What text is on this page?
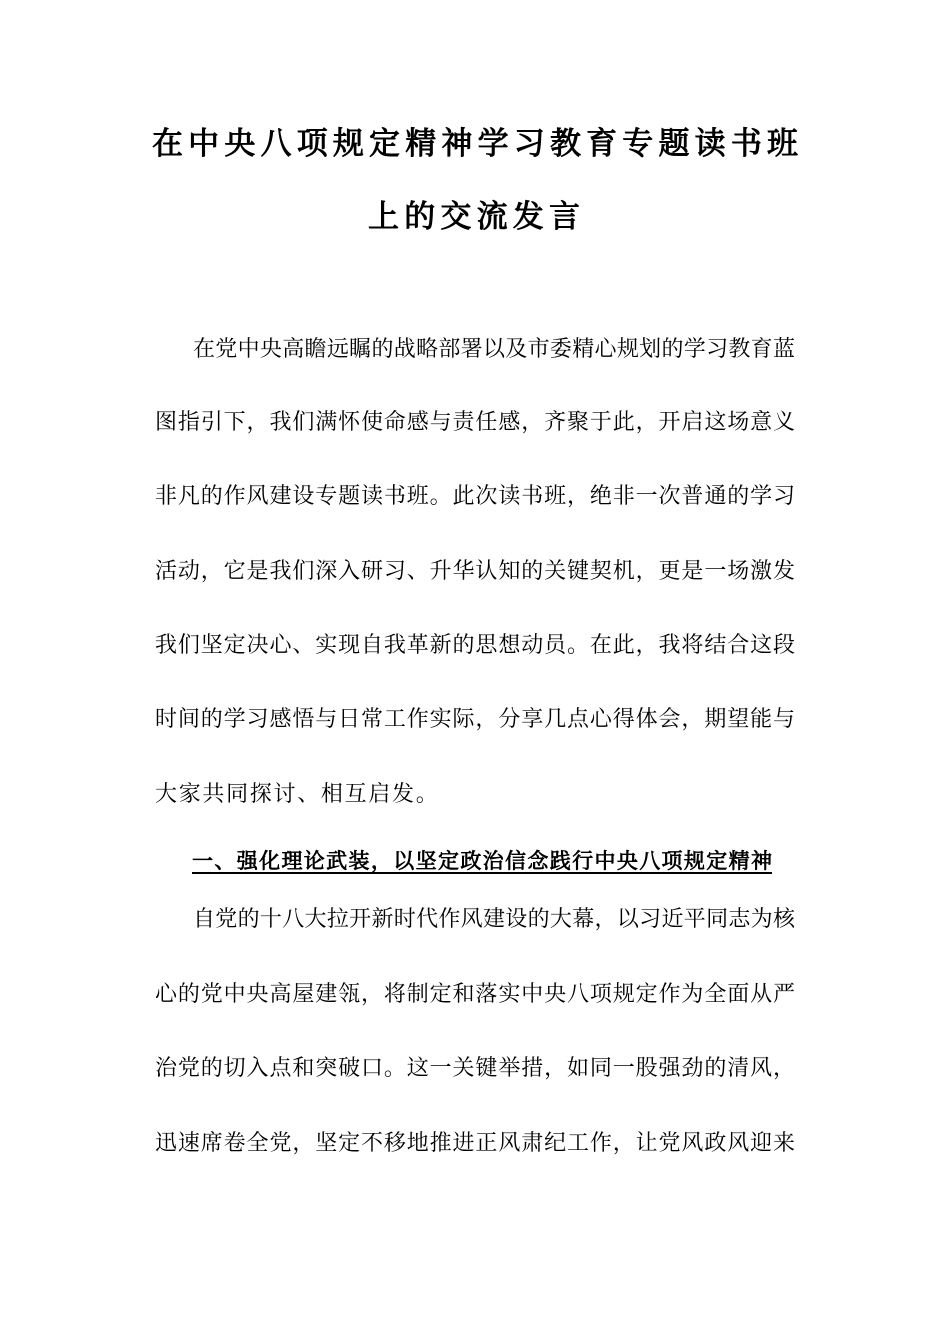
在中央八项规定精神学习教育专题读书班
上的交流发言
在党中央高瞻远瞩的战略部署以及市委精心规划的学习教育蓝
图指引下，我们满怀使命感与责任感，齐聚于此，开启这场意义
非凡的作风建设专题读书班。此次读书班，绝非一次普通的学习
活动，它是我们深入研习、升华认知的关键契机，更是一场激发
我们坚定决心、实现自我革新的思想动员。在此，我将结合这段
时间的学习感悟与日常工作实际，分享几点心得体会，期望能与
大家共同探讨、相互启发。
一、强化理论武装，以坚定政治信念践行中央八项规定精神
自党的十八大拉开新时代作风建设的大幕，以习近平同志为核
心的党中央高屋建瓴，将制定和落实中央八项规定作为全面从严
治党的切入点和突破口。这一关键举措，如同一股强劲的清风，
迅速席卷全党，坚定不移地推进正风肃纪工作，让党风政风迎来
